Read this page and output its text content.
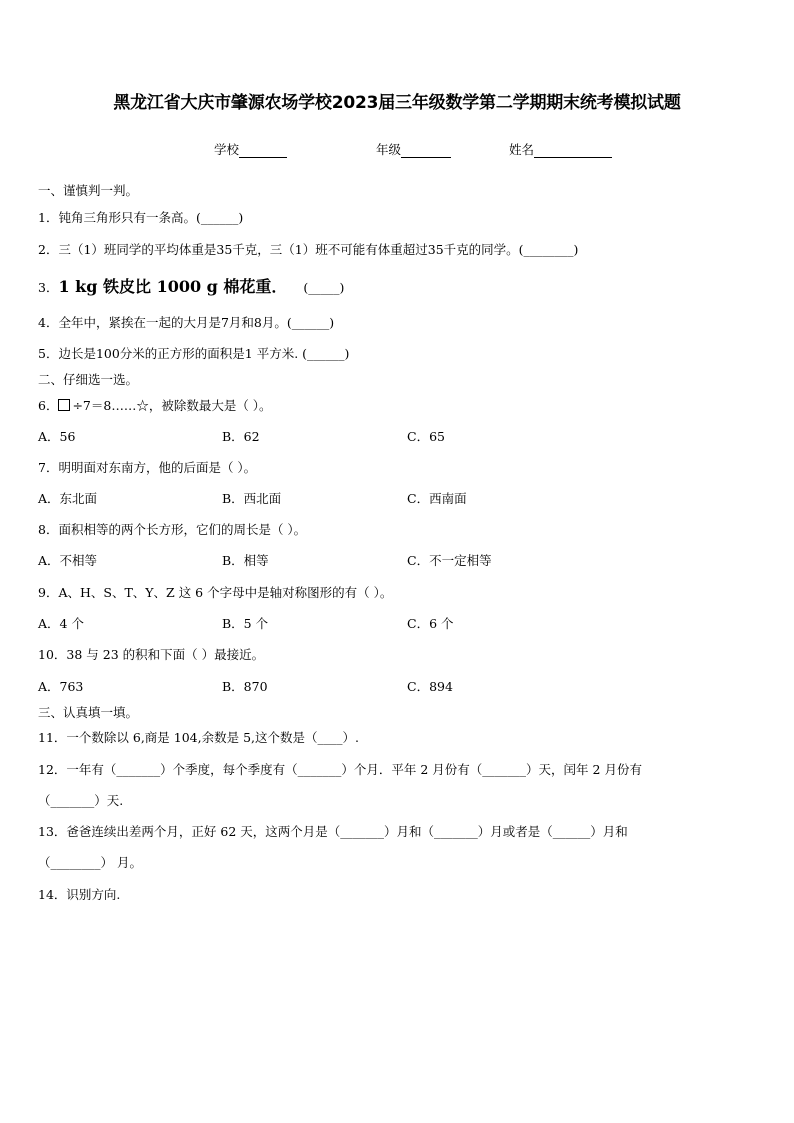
黑龙江省大庆市肇源农场学校2023届三年级数学第二学期期末统考模拟试题
学校	年级	姓名
一、谨慎判一判。
1．钝角三角形只有一条高。(______)
2．三（1）班同学的平均体重是35千克，三（1）班不可能有体重超过35千克的同学。(________)
3．1 kg 铁皮比 1000 g 棉花重． (_____)
4．全年中，紧挨在一起的大月是7月和8月。(______)
5．边长是100分米的正方形的面积是1 平方米. (______)
二、仔细选一选。
6． ÷7＝8……☆，被除数最大是（ ）。
A．56	B．62	C．65
7．明明面对东南方，他的后面是（ ）。
A．东北面	B．西北面	C．西南面
8．面积相等的两个长方形，它们的周长是（ ）。
A．不相等	B．相等	C．不一定相等
9．A、H、S、T、Y、Z 这 6 个字母中是轴对称图形的有（ ）。
A．4 个	B．5 个	C．6 个
10．38 与 23 的积和下面（ ）最接近。
A．763	B．870	C．894
三、认真填一填。
11．一个数除以 6,商是 104,余数是 5,这个数是（____）.
12．一年有（_______）个季度，每个季度有（_______）个月．平年 2 月份有（_______）天，闰年 2 月份有
（_______）天.
13．爸爸连续出差两个月，正好 62 天，这两个月是（_______）月和（_______）月或者是（______）月和
（________） 月。
14．识别方向.
